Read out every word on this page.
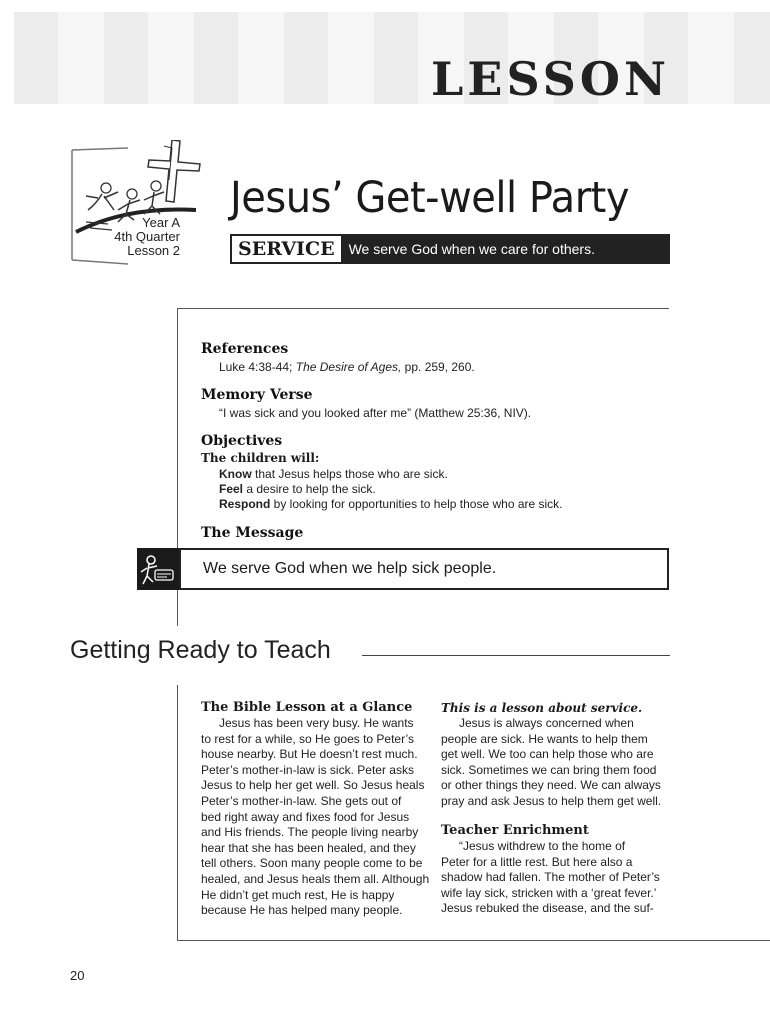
LESSON
Year A
4th Quarter
Lesson 2
Jesus’ Get-well Party
SERVICE	We serve God when we care for others.
References
Luke 4:38-44; The Desire of Ages, pp. 259, 260.
Memory Verse
“I was sick and you looked after me” (Matthew 25:36, NIV).
Objectives
The children will:
Know that Jesus helps those who are sick.
Feel a desire to help the sick.
Respond by looking for opportunities to help those who are sick.
The Message
We serve God when we help sick people.
Getting Ready to Teach
The Bible Lesson at a Glance
Jesus has been very busy. He wants
to rest for a while, so He goes to Peter’s
house nearby. But He doesn’t rest much.
Peter’s mother-in-law is sick. Peter asks
Jesus to help her get well. So Jesus heals
Peter’s mother-in-law. She gets out of
bed right away and fixes food for Jesus
and His friends. The people living nearby
hear that she has been healed, and they
tell others. Soon many people come to be
healed, and Jesus heals them all. Although
He didn’t get much rest, He is happy
because He has helped many people.
This is a lesson about service.
Jesus is always concerned when
people are sick. He wants to help them
get well. We too can help those who are
sick. Sometimes we can bring them food
or other things they need. We can always
pray and ask Jesus to help them get well.
Teacher Enrichment
“Jesus withdrew to the home of
Peter for a little rest. But here also a
shadow had fallen. The mother of Peter’s
wife lay sick, stricken with a ‘great fever.’
Jesus rebuked the disease, and the suf-
20
